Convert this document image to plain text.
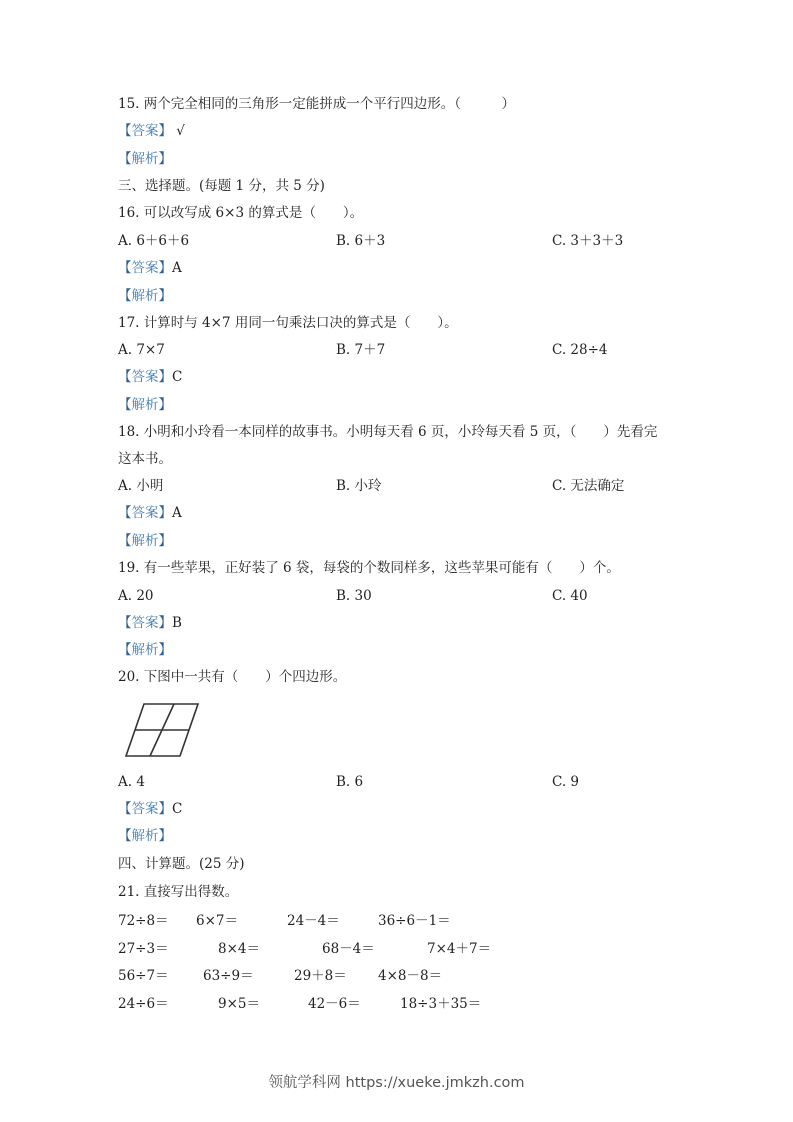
15. 两个完全相同的三角形一定能拼成一个平行四边形。（　　　）
【答案】 √
【解析】
三、选择题。(每题 1 分，共 5 分)
16. 可以改写成 6×3 的算式是（　　）。
A. 6＋6＋6	B. 6＋3	C. 3＋3＋3
【答案】A
【解析】
17. 计算时与 4×7 用同一句乘法口决的算式是（　　）。
A. 7×7	B. 7＋7	C. 28÷4
【答案】C
【解析】
18. 小明和小玲看一本同样的故事书。小明每天看 6 页，小玲每天看 5 页，（　　）先看完
这本书。
A. 小明	B. 小玲	C. 无法确定
【答案】A
【解析】
19. 有一些苹果，正好装了 6 袋，每袋的个数同样多，这些苹果可能有（　　）个。
A. 20	B. 30	C. 40
【答案】B
【解析】
20. 下图中一共有（　　）个四边形。
A. 4	B. 6	C. 9
【答案】C
【解析】
四、计算题。(25 分)
21. 直接写出得数。
72÷8＝ 6×7＝	24－4＝	36÷6－1＝
27÷3＝	8×4＝	68－4＝	7×4＋7＝
56÷7＝	63÷9＝	29＋8＝ 4×8－8＝
24÷6＝	9×5＝	42－6＝	18÷3＋35＝
领航学科网 https://xueke.jmkzh.com
